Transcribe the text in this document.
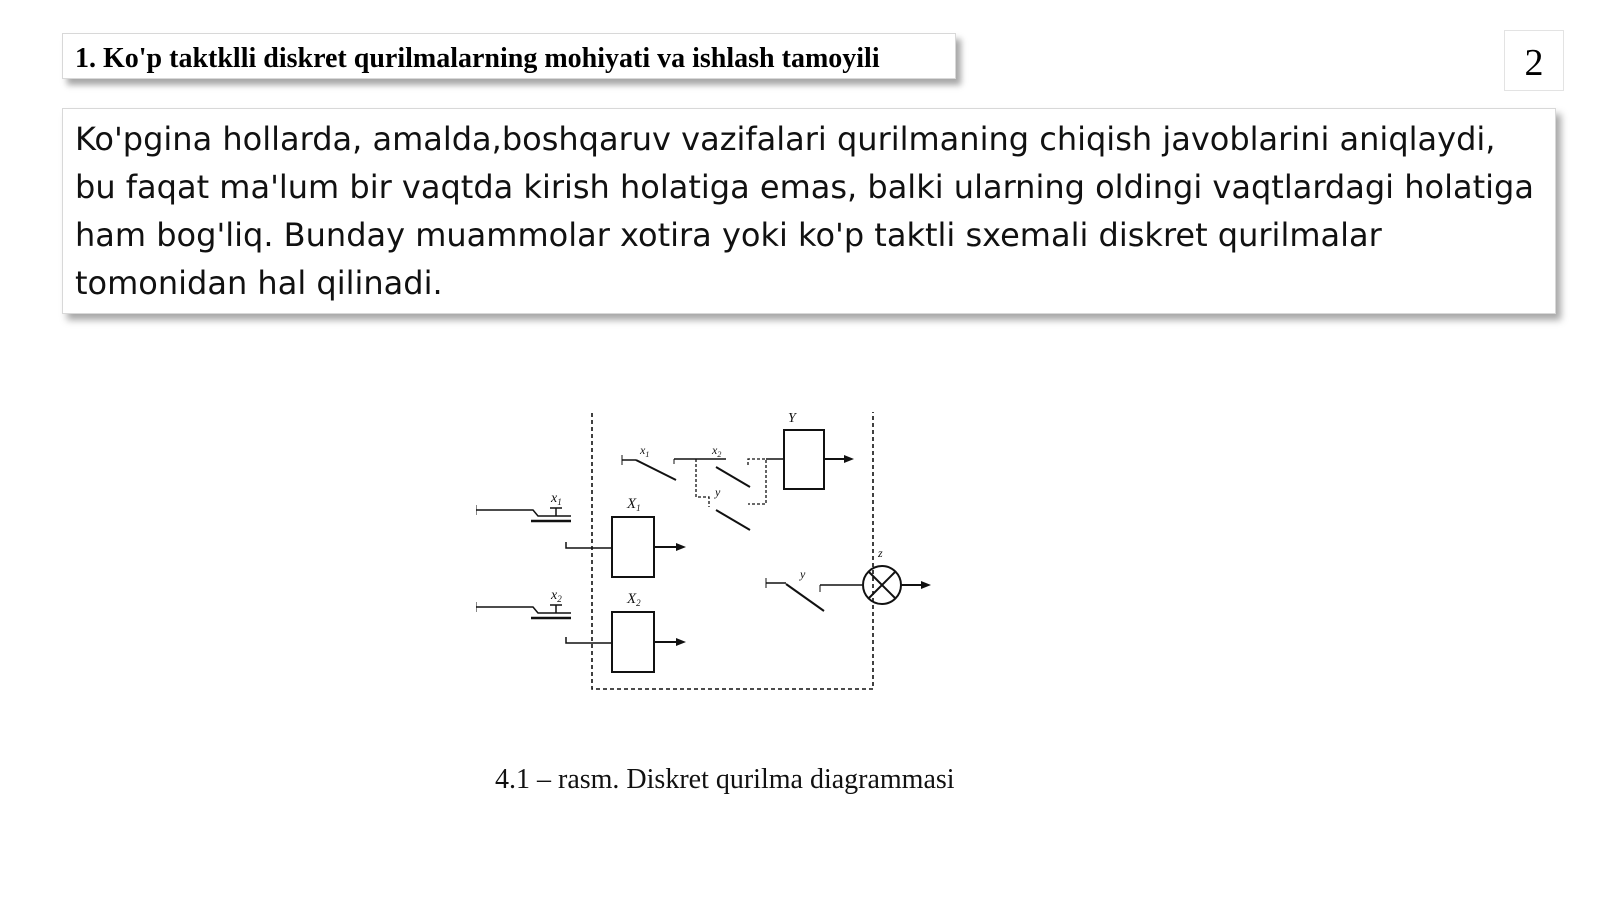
1. Ko'p taktklli diskret qurilmalarning mohiyati va ishlash tamoyili	2
Ko'pgina hollarda, amalda,boshqaruv vazifalari qurilmaning chiqish javoblarini aniqlaydi, bu faqat ma'lum bir vaqtda kirish holatiga emas, balki ularning oldingi vaqtlardagi holatiga ham bog'liq. Bunday muammolar xotira yoki ko'p taktli sxemali diskret qurilmalar tomonidan hal qilinadi.
$x_1$
$x_2$
$X_1$
$X_2$
$x_1$	$x_2$
y
Y
y
z
4.1 – rasm. Diskret qurilma diagrammasi
